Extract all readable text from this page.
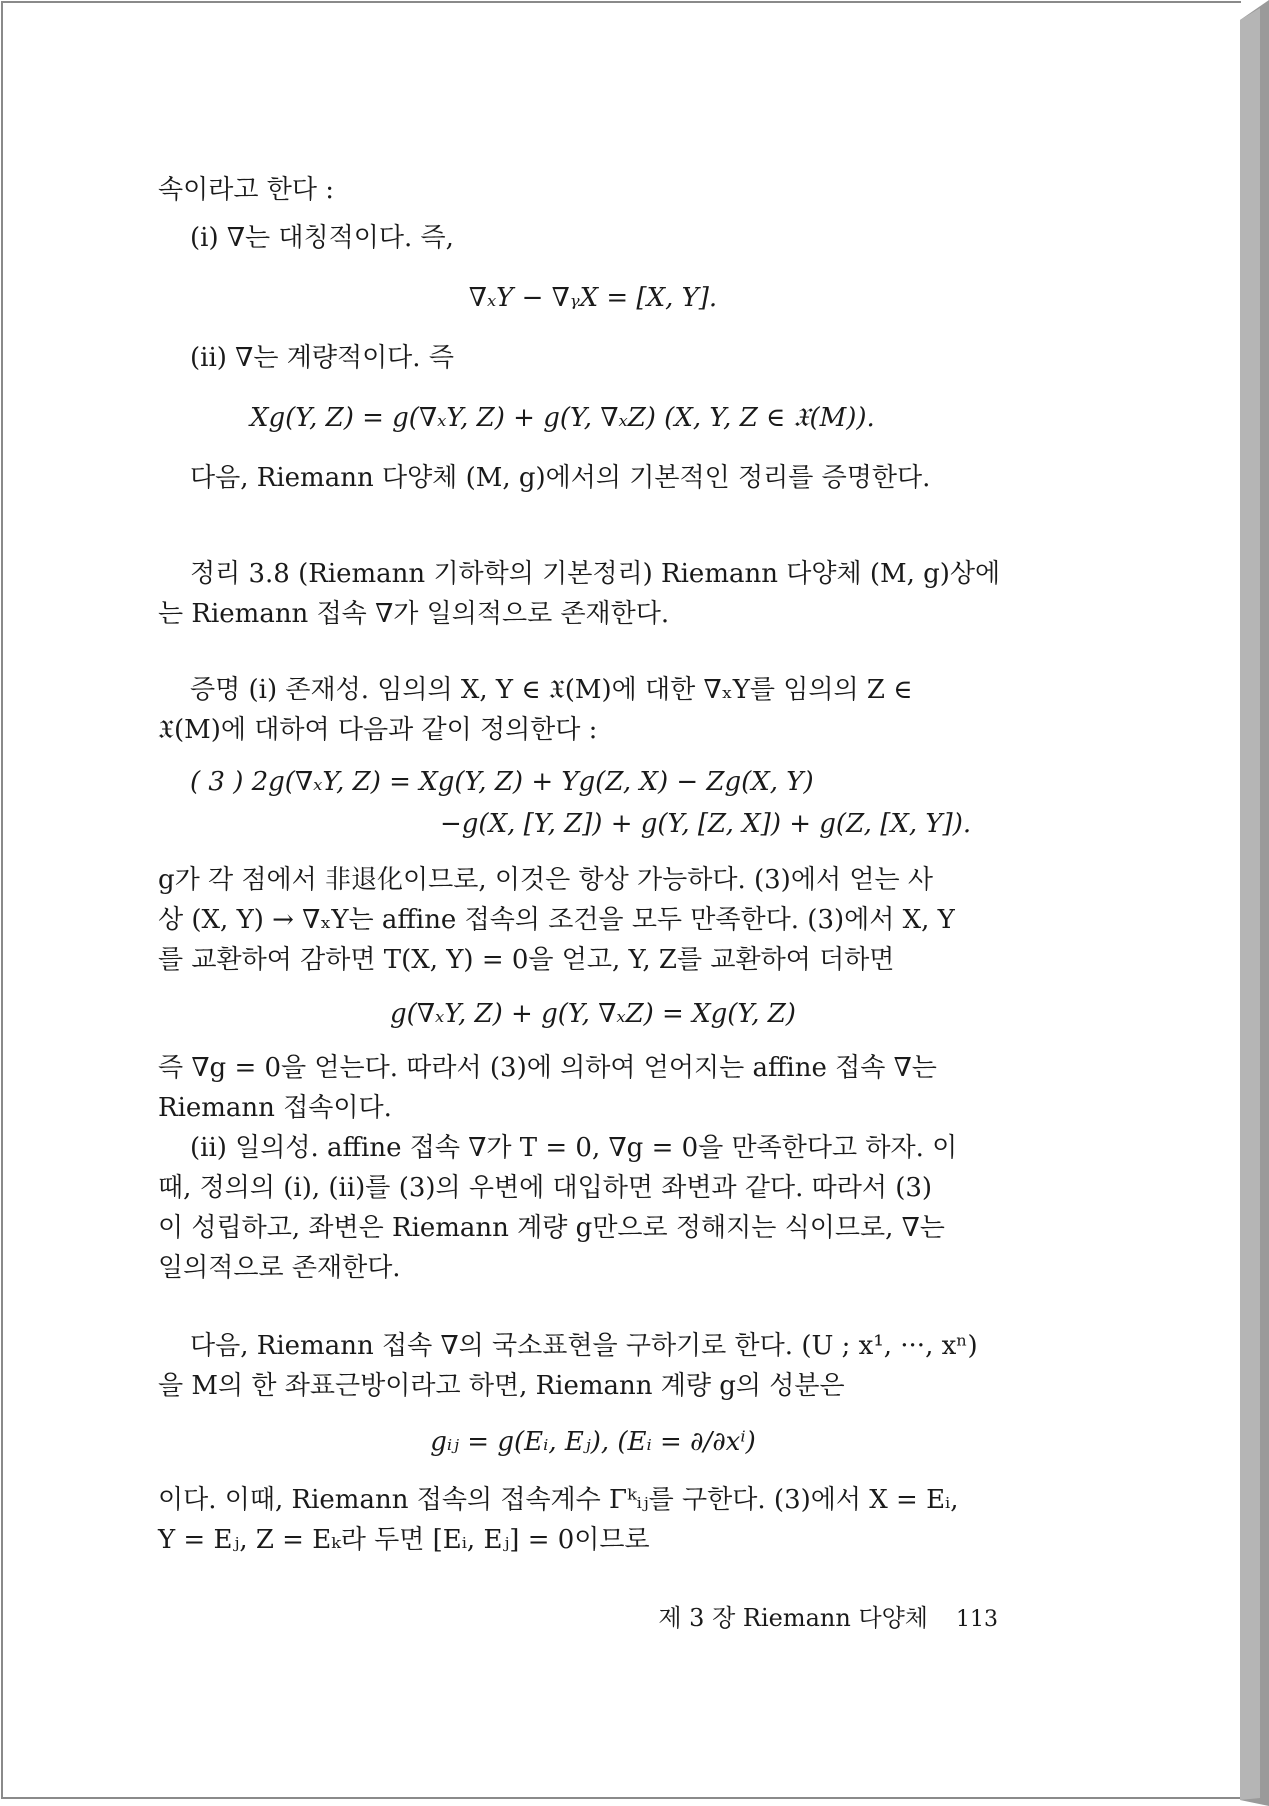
속이라고 한다 :
(i) ∇는 대칭적이다. 즉,
∇ₓY − ∇ᵧX = [X, Y].
(ii) ∇는 계량적이다. 즉
Xg(Y, Z) = g(∇ₓY, Z) + g(Y, ∇ₓZ) (X, Y, Z ∈ 𝔛(M)).
다음, Riemann 다양체 (M, g)에서의 기본적인 정리를 증명한다.
정리 3.8 (Riemann 기하학의 기본정리) Riemann 다양체 (M, g)상에
는 Riemann 접속 ∇가 일의적으로 존재한다.
증명 (i) 존재성. 임의의 X, Y ∈ 𝔛(M)에 대한 ∇ₓY를 임의의 Z ∈
𝔛(M)에 대하여 다음과 같이 정의한다 :
( 3 ) 2g(∇ₓY, Z) = Xg(Y, Z) + Yg(Z, X) − Zg(X, Y)
−g(X, [Y, Z]) + g(Y, [Z, X]) + g(Z, [X, Y]).
g가 각 점에서 非退化이므로, 이것은 항상 가능하다. (3)에서 얻는 사
상 (X, Y) → ∇ₓY는 affine 접속의 조건을 모두 만족한다. (3)에서 X, Y
를 교환하여 감하면 T(X, Y) = 0을 얻고, Y, Z를 교환하여 더하면
g(∇ₓY, Z) + g(Y, ∇ₓZ) = Xg(Y, Z)
즉 ∇g = 0을 얻는다. 따라서 (3)에 의하여 얻어지는 affine 접속 ∇는
Riemann 접속이다.
(ii) 일의성. affine 접속 ∇가 T = 0, ∇g = 0을 만족한다고 하자. 이
때, 정의의 (i), (ii)를 (3)의 우변에 대입하면 좌변과 같다. 따라서 (3)
이 성립하고, 좌변은 Riemann 계량 g만으로 정해지는 식이므로, ∇는
일의적으로 존재한다.
다음, Riemann 접속 ∇의 국소표현을 구하기로 한다. (U ; x¹, ···, xⁿ)
을 M의 한 좌표근방이라고 하면, Riemann 계량 g의 성분은
gᵢⱼ = g(Eᵢ, Eⱼ), (Eᵢ = ∂/∂xⁱ)
이다. 이때, Riemann 접속의 접속계수 Γᵏᵢⱼ를 구한다. (3)에서 X = Eᵢ,
Y = Eⱼ, Z = Eₖ라 두면 [Eᵢ, Eⱼ] = 0이므로
제 3 장 Riemann 다양체 113
